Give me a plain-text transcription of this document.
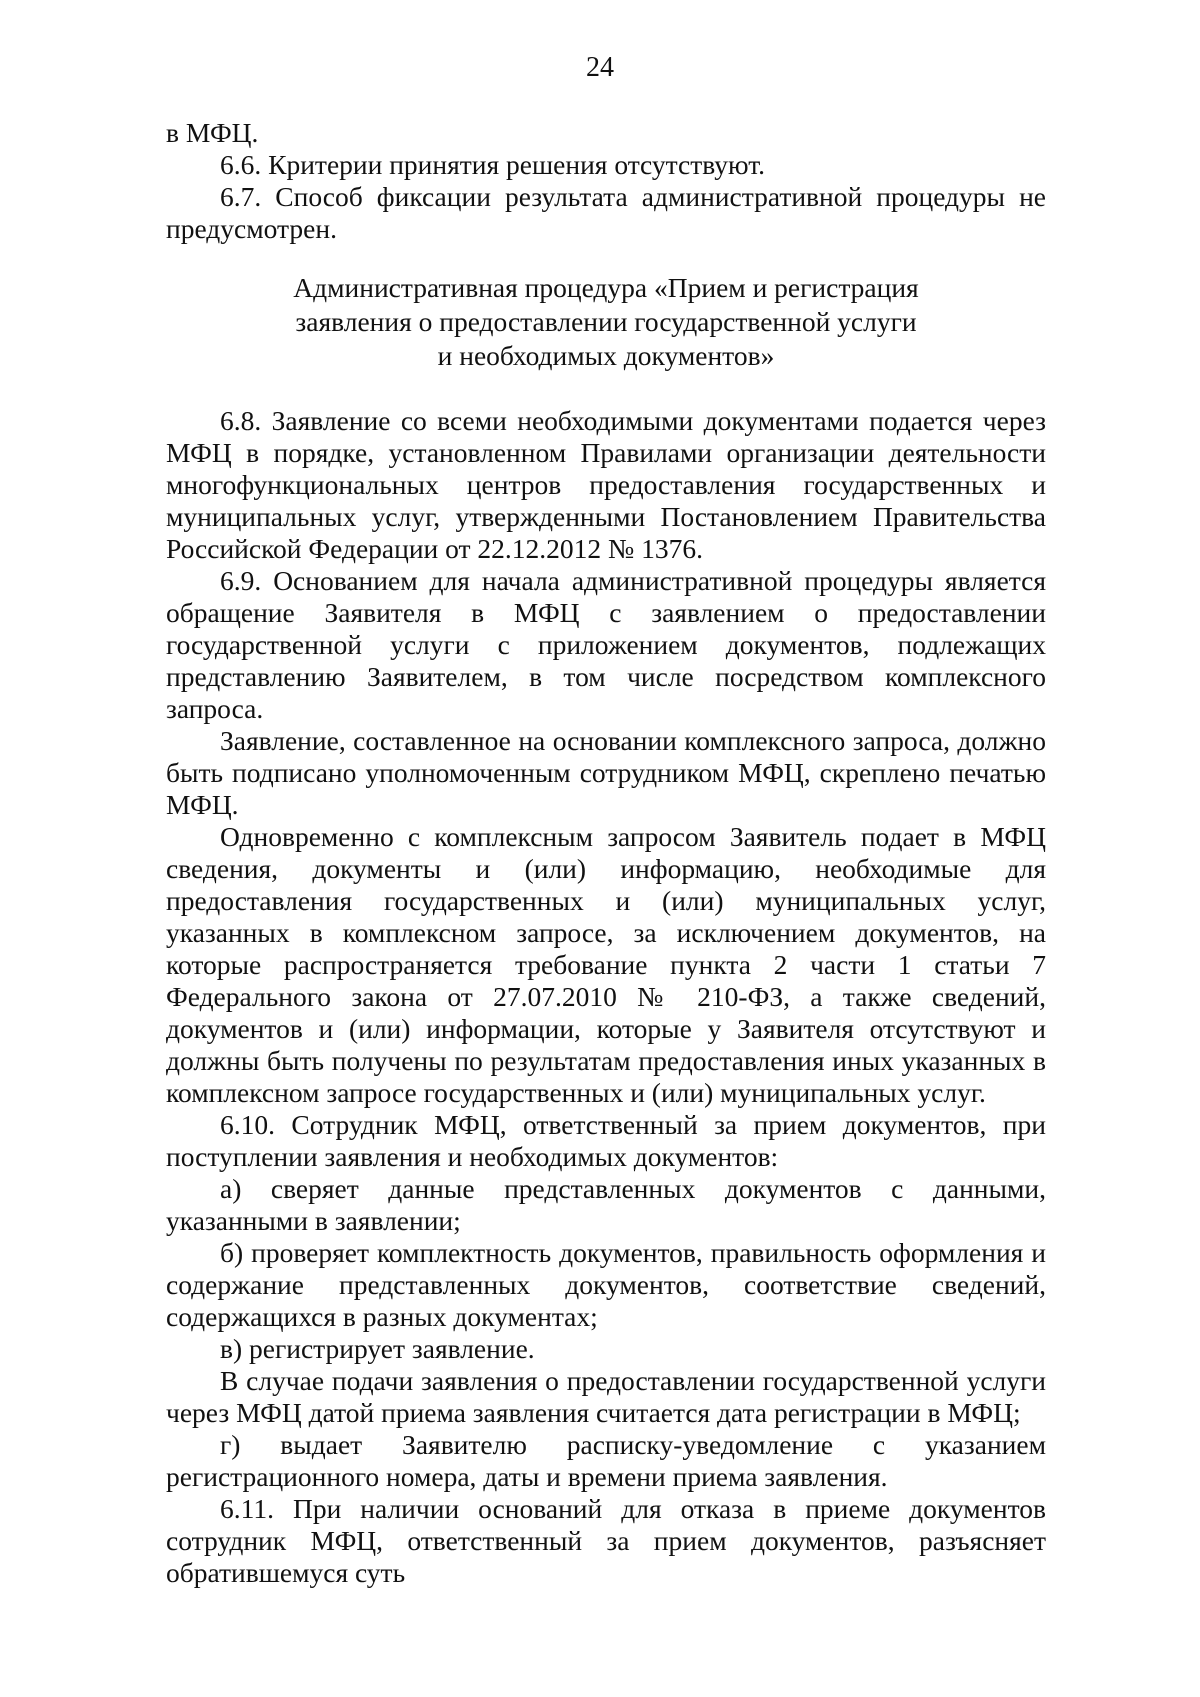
24

в МФЦ.

6.6. Критерии принятия решения отсутствуют.

6.7. Способ фиксации результата административной процедуры не предусмотрен.

Административная процедура «Прием и регистрация
заявления о предоставлении государственной услуги
и необходимых документов»

6.8. Заявление со всеми необходимыми документами подается через МФЦ в порядке, установленном Правилами организации деятельности многофункциональных центров предоставления государственных и муниципальных услуг, утвержденными Постановлением Правительства Российской Федерации от 22.12.2012 № 1376.

6.9. Основанием для начала административной процедуры является обращение Заявителя в МФЦ с заявлением о предоставлении государственной услуги с приложением документов, подлежащих представлению Заявителем, в том числе посредством комплексного запроса.

Заявление, составленное на основании комплексного запроса, должно быть подписано уполномоченным сотрудником МФЦ, скреплено печатью МФЦ.

Одновременно с комплексным запросом Заявитель подает в МФЦ сведения, документы и (или) информацию, необходимые для предоставления государственных и (или) муниципальных услуг, указанных в комплексном запросе, за исключением документов, на которые распространяется требование пункта 2 части 1 статьи 7 Федерального закона от 27.07.2010 № 210-ФЗ, а также сведений, документов и (или) информации, которые у Заявителя отсутствуют и должны быть получены по результатам предоставления иных указанных в комплексном запросе государственных и (или) муниципальных услуг.

6.10. Сотрудник МФЦ, ответственный за прием документов, при поступлении заявления и необходимых документов:

а) сверяет данные представленных документов с данными, указанными в заявлении;

б) проверяет комплектность документов, правильность оформления и содержание представленных документов, соответствие сведений, содержащихся в разных документах;

в) регистрирует заявление.

В случае подачи заявления о предоставлении государственной услуги через МФЦ датой приема заявления считается дата регистрации в МФЦ;

г) выдает Заявителю расписку-уведомление с указанием регистрационного номера, даты и времени приема заявления.

6.11. При наличии оснований для отказа в приеме документов сотрудник МФЦ, ответственный за прием документов, разъясняет обратившемуся суть
